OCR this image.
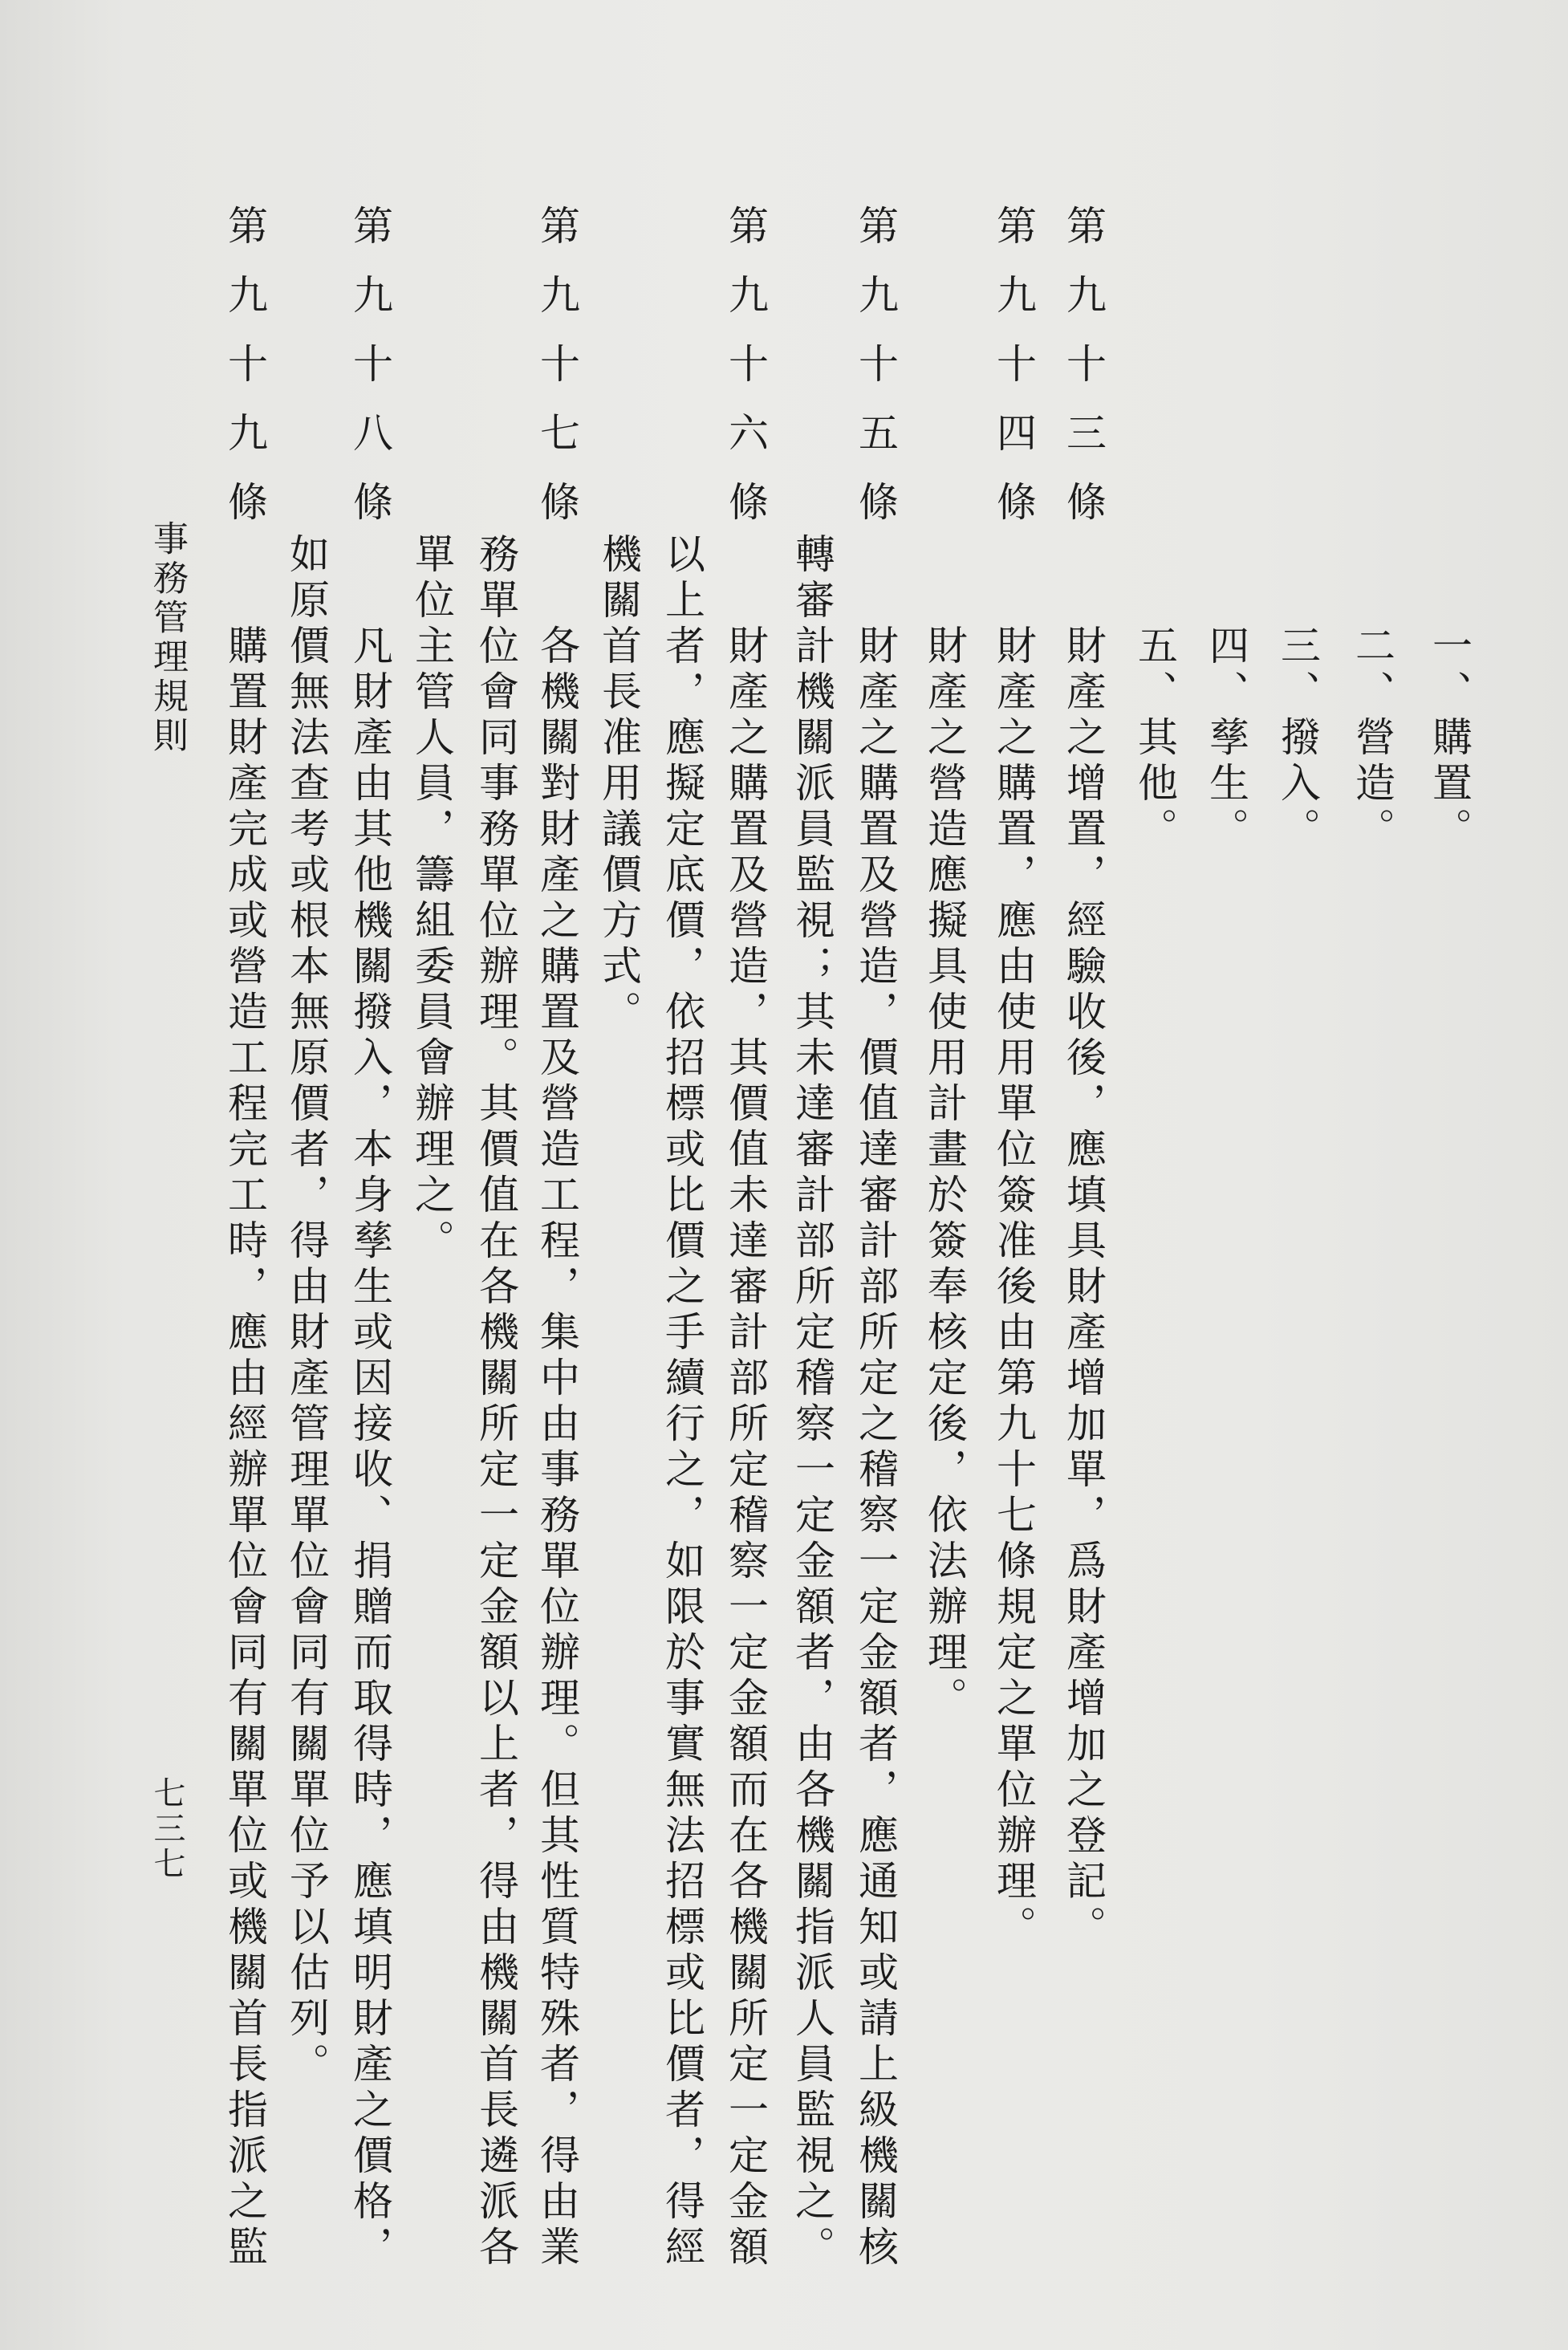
一、購置。
二、營造。
三、撥入。
四、孳生。
五、其他。
第九十三條
財產之增置，經驗收後，應填具財產增加單，爲財產增加之登記。
第九十四條
財產之購置，應由使用單位簽准後由第九十七條規定之單位辦理。
財產之營造應擬具使用計畫於簽奉核定後，依法辦理。
第九十五條
財產之購置及營造，價值達審計部所定之稽察一定金額者，應通知或請上級機關核
轉審計機關派員監視；其未達審計部所定稽察一定金額者，由各機關指派人員監視之。
第九十六條
財產之購置及營造，其價值未達審計部所定稽察一定金額而在各機關所定一定金額
以上者，應擬定底價，依招標或比價之手續行之，如限於事實無法招標或比價者，得經
機關首長准用議價方式。
第九十七條
各機關對財產之購置及營造工程，集中由事務單位辦理。但其性質特殊者，得由業
務單位會同事務單位辦理。其價值在各機關所定一定金額以上者，得由機關首長遴派各
單位主管人員，籌組委員會辦理之。
第九十八條
凡財產由其他機關撥入，本身孳生或因接收、捐贈而取得時，應填明財產之價格，
如原價無法查考或根本無原價者，得由財產管理單位會同有關單位予以估列。
第九十九條
購置財產完成或營造工程完工時，應由經辦單位會同有關單位或機關首長指派之監
事務管理規則
七三七
